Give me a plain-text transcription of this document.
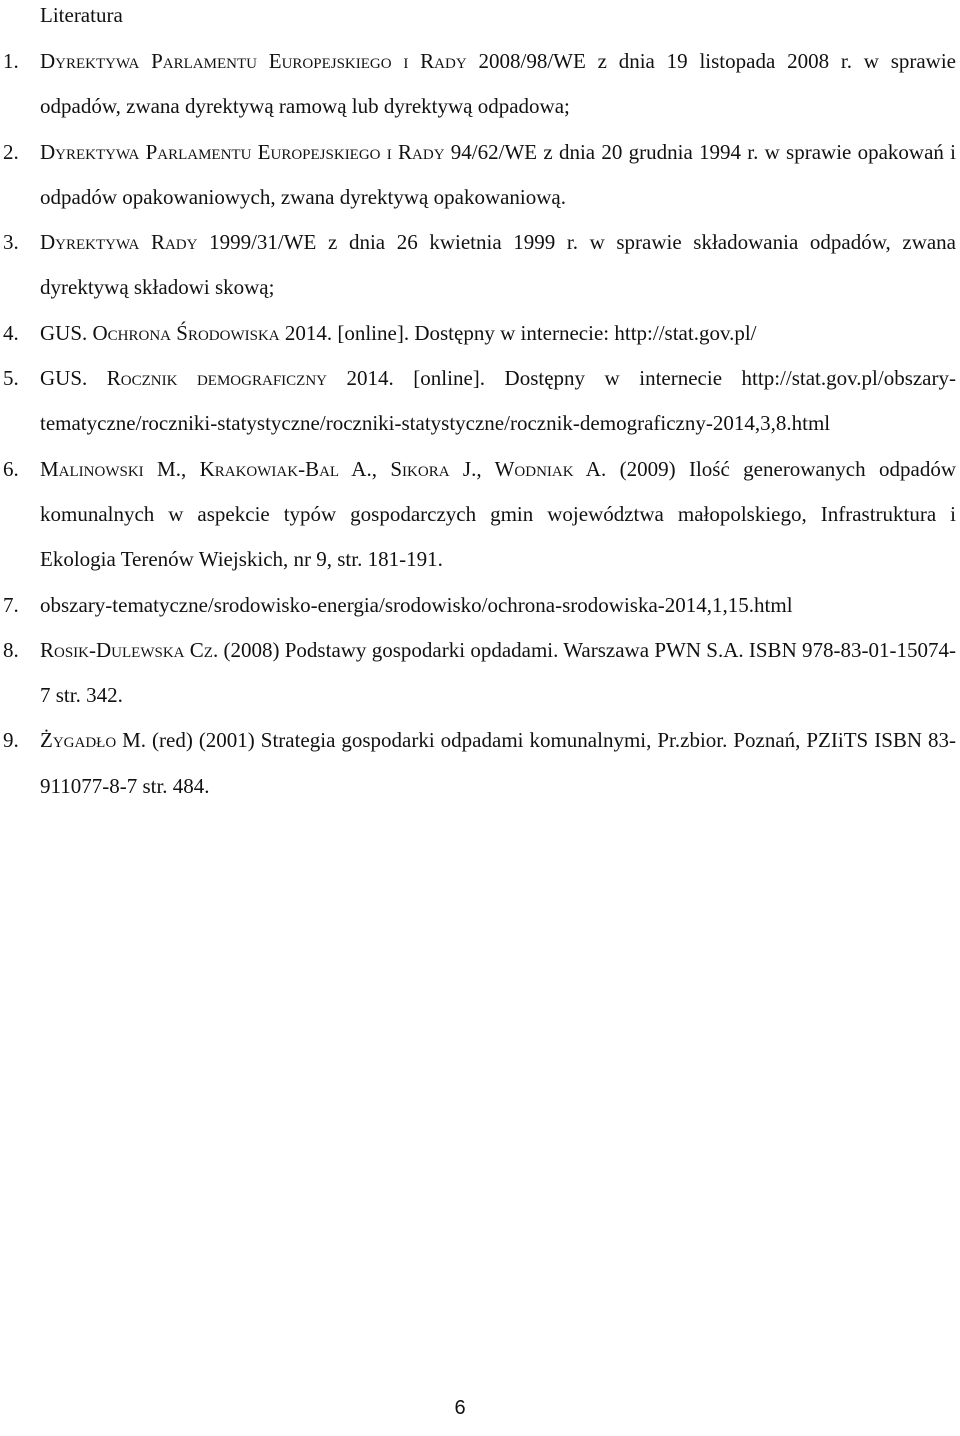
Literatura
1. Dyrektywa Parlamentu Europejskiego i Rady 2008/98/WE z dnia 19 listopada 2008 r. w sprawie odpadów, zwana dyrektywą ramową lub dyrektywą odpadowa;
2. Dyrektywa Parlamentu Europejskiego i Rady 94/62/WE z dnia 20 grudnia 1994 r. w sprawie opakowań i odpadów opakowaniowych, zwana dyrektywą opakowaniową.
3. Dyrektywa Rady 1999/31/WE z dnia 26 kwietnia 1999 r. w sprawie składowania odpadów, zwana dyrektywą składowi skową;
4. GUS. Ochrona Środowiska 2014. [online]. Dostępny w internecie: http://stat.gov.pl/
5. GUS. Rocznik demograficzny 2014. [online]. Dostępny w internecie http://stat.gov.pl/obszary-tematyczne/roczniki-statystyczne/roczniki-statystyczne/rocznik-demograficzny-2014,3,8.html
6. Malinowski M., Krakowiak-Bal A., Sikora J., Wodniak A. (2009) Ilość generowanych odpadów komunalnych w aspekcie typów gospodarczych gmin województwa małopolskiego, Infrastruktura i Ekologia Terenów Wiejskich, nr 9, str. 181-191.
7. obszary-tematyczne/srodowisko-energia/srodowisko/ochrona-srodowiska-2014,1,15.html
8. Rosik-Dulewska Cz. (2008) Podstawy gospodarki opdadami. Warszawa PWN S.A. ISBN 978-83-01-15074-7 str. 342.
9. Żygadło M. (red) (2001) Strategia gospodarki odpadami komunalnymi, Pr.zbior. Poznań, PZIiTS ISBN 83-911077-8-7 str. 484.
6
